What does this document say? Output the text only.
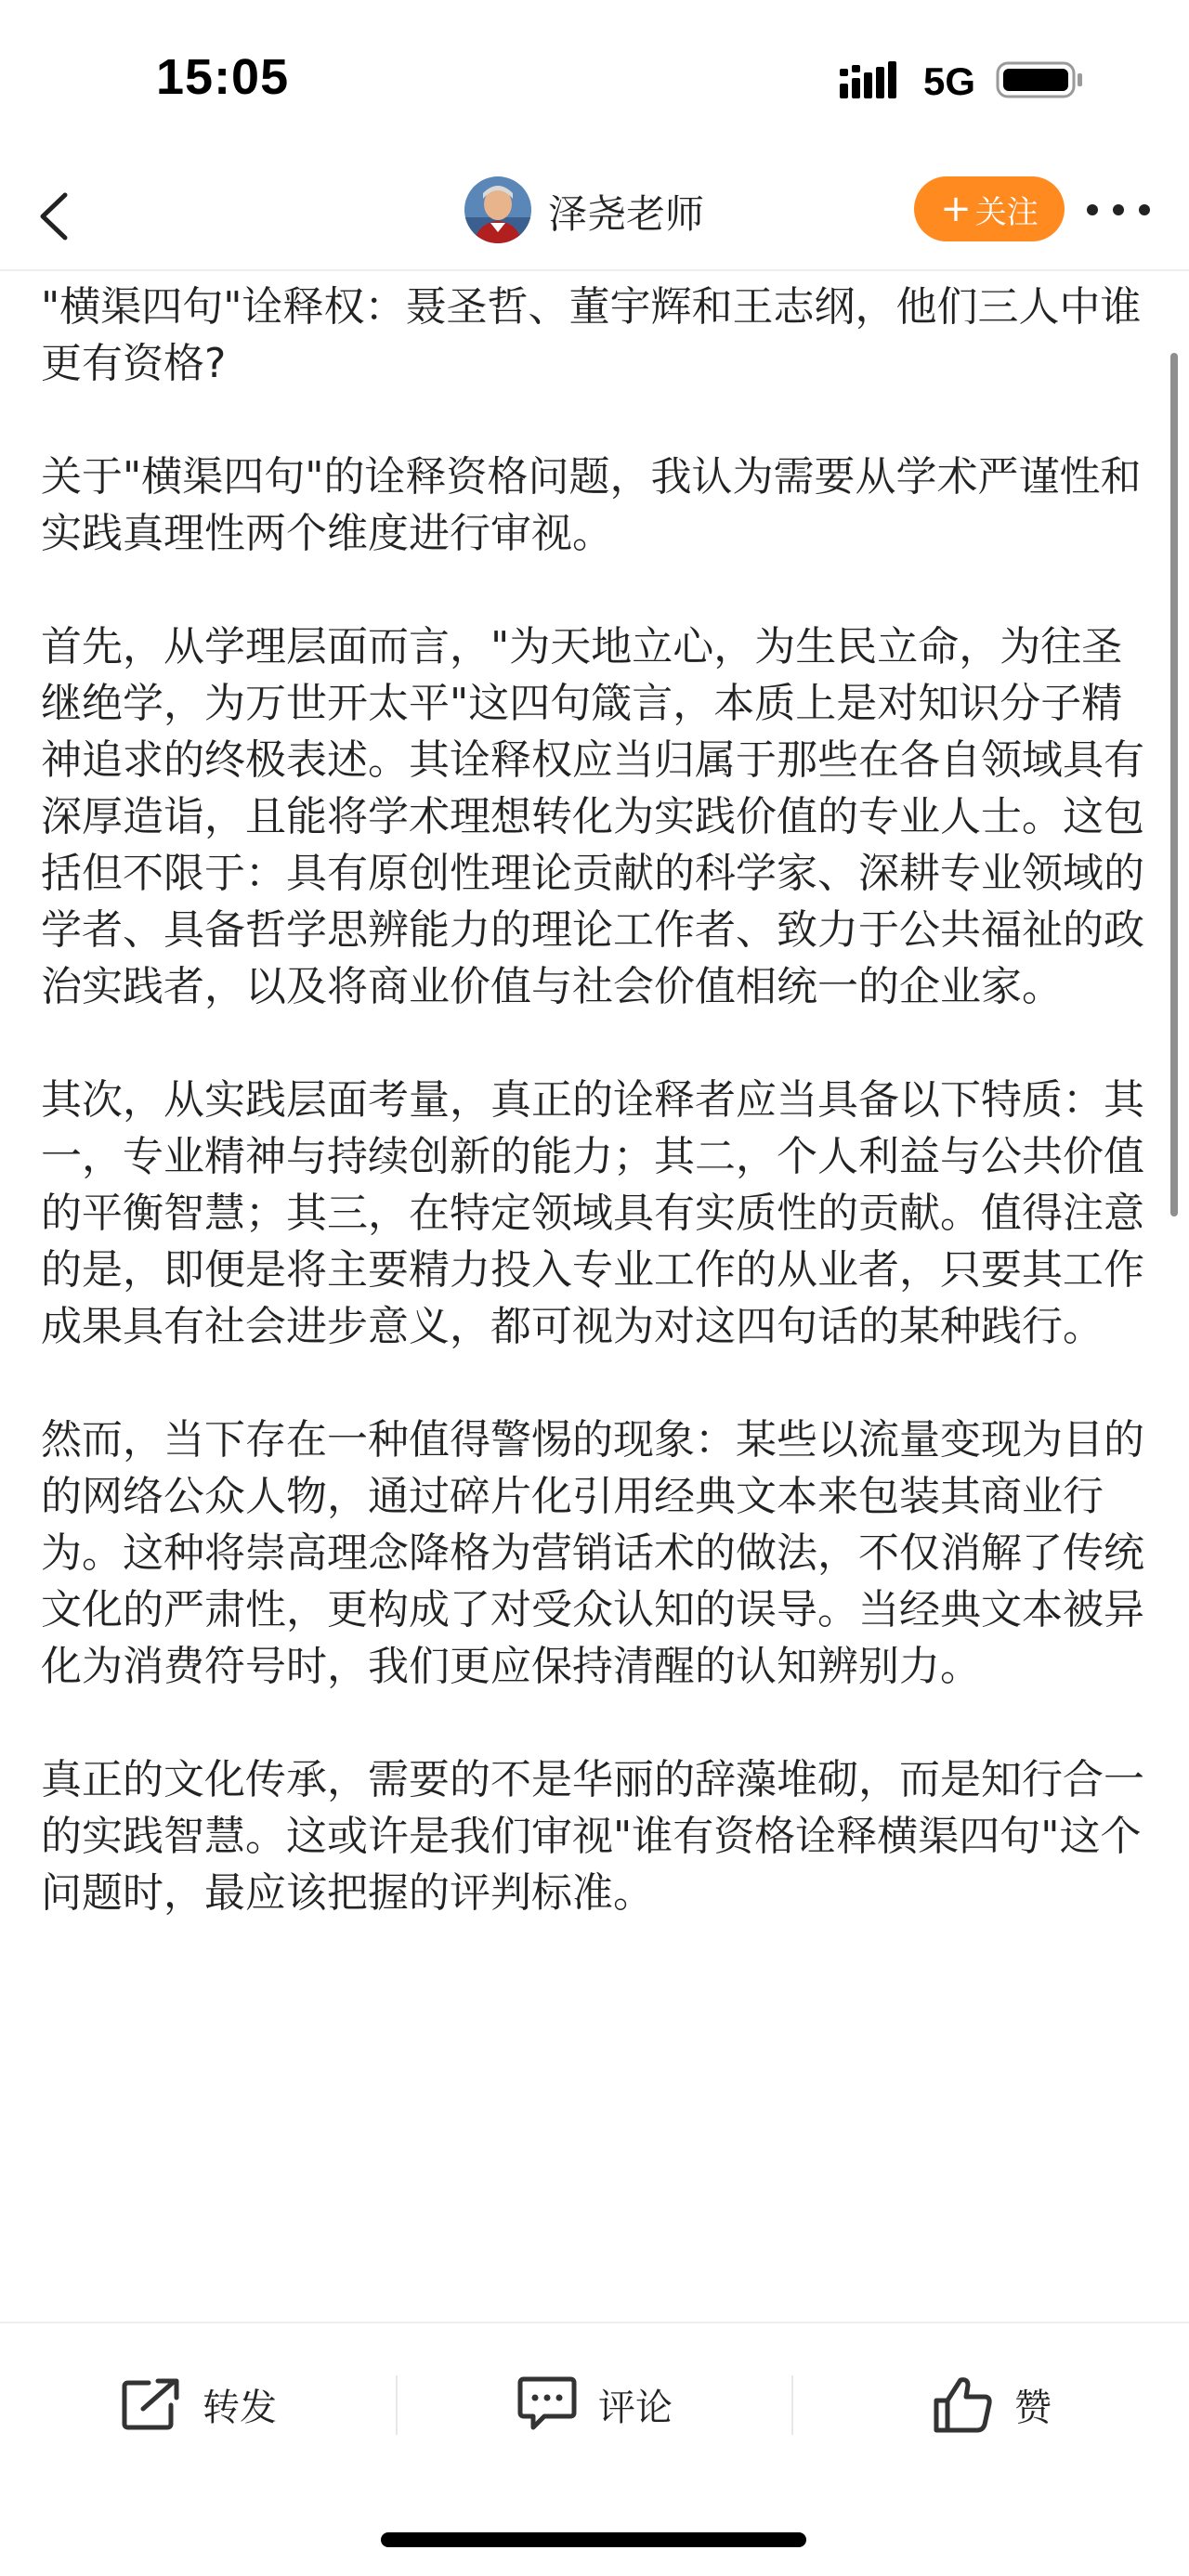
15:05	5G
泽尧老师	+ 关注

"横渠四句"诠释权：聂圣哲、董宇辉和王志纲，他们三人中谁更有资格?

关于"横渠四句"的诠释资格问题，我认为需要从学术严谨性和实践真理性两个维度进行审视。

首先，从学理层面而言，"为天地立心，为生民立命，为往圣继绝学，为万世开太平"这四句箴言，本质上是对知识分子精神追求的终极表述。其诠释权应当归属于那些在各自领域具有深厚造诣，且能将学术理想转化为实践价值的专业人士。这包括但不限于：具有原创性理论贡献的科学家、深耕专业领域的学者、具备哲学思辨能力的理论工作者、致力于公共福祉的政治实践者，以及将商业价值与社会价值相统一的企业家。

其次，从实践层面考量，真正的诠释者应当具备以下特质：其一，专业精神与持续创新的能力；其二，个人利益与公共价值的平衡智慧；其三，在特定领域具有实质性的贡献。值得注意的是，即便是将主要精力投入专业工作的从业者，只要其工作成果具有社会进步意义，都可视为对这四句话的某种践行。

然而，当下存在一种值得警惕的现象：某些以流量变现为目的的网络公众人物，通过碎片化引用经典文本来包装其商业行为。这种将崇高理念降格为营销话术的做法，不仅消解了传统文化的严肃性，更构成了对受众认知的误导。当经典文本被异化为消费符号时，我们更应保持清醒的认知辨别力。

真正的文化传承，需要的不是华丽的辞藻堆砌，而是知行合一的实践智慧。这或许是我们审视"谁有资格诠释横渠四句"这个问题时，最应该把握的评判标准。

转发	评论	赞
